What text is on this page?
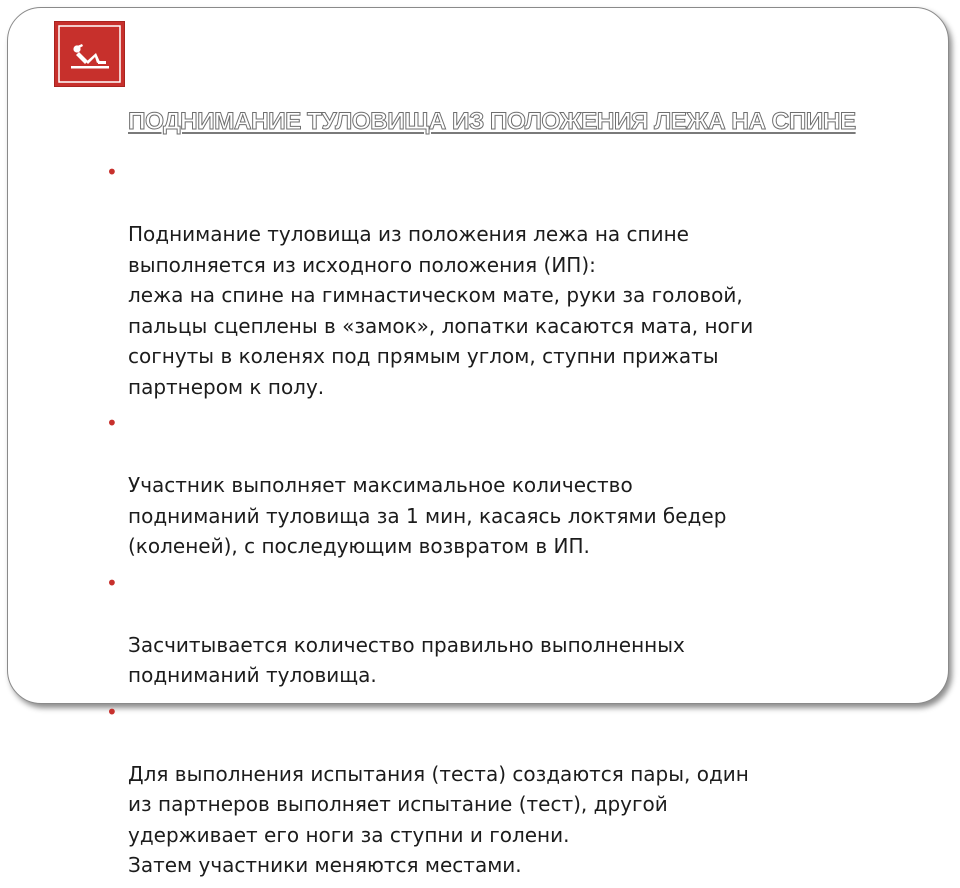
ПОДНИМАНИЕ ТУЛОВИЩА ИЗ ПОЛОЖЕНИЯ ЛЕЖА НА СПИНЕ

•

Поднимание туловища из положения лежа на спине
выполняется из исходного положения (ИП):
лежа на спине на гимнастическом мате, руки за головой,
пальцы сцеплены в «замок», лопатки касаются мата, ноги
согнуты в коленях под прямым углом, ступни прижаты
партнером к полу.

•

Участник выполняет максимальное количество
подниманий туловища за 1 мин, касаясь локтями бедер
(коленей), с последующим возвратом в ИП.

•

Засчитывается количество правильно выполненных
подниманий туловища.

•

Для выполнения испытания (теста) создаются пары, один
из партнеров выполняет испытание (тест), другой
удерживает его ноги за ступни и голени.
Затем участники меняются местами.
